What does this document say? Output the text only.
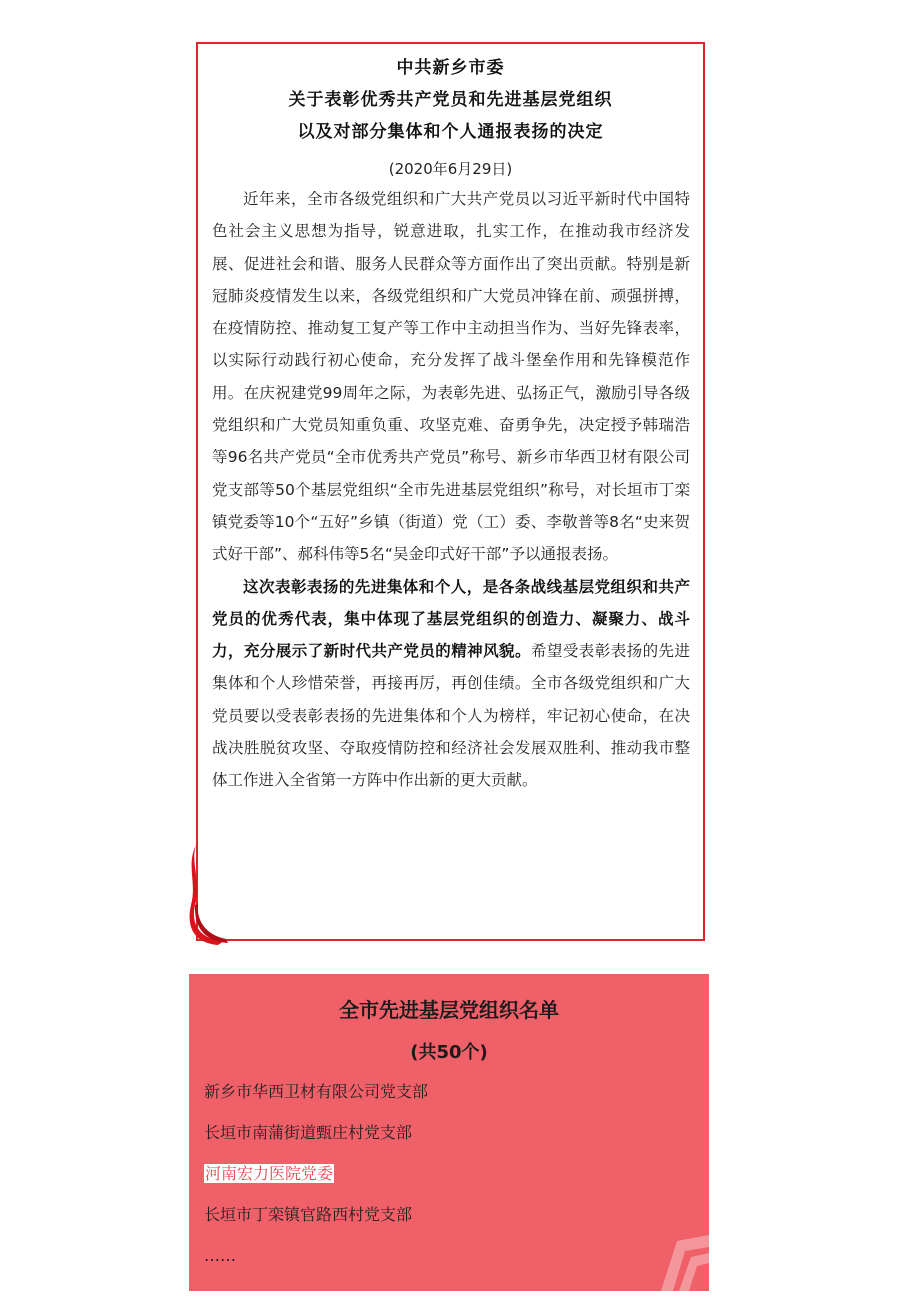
中共新乡市委
关于表彰优秀共产党员和先进基层党组织
以及对部分集体和个人通报表扬的决定
(2020年6月29日)

近年来，全市各级党组织和广大共产党员以习近平新时代中国特色社会主义思想为指导，锐意进取，扎实工作，在推动我市经济发展、促进社会和谐、服务人民群众等方面作出了突出贡献。特别是新冠肺炎疫情发生以来，各级党组织和广大党员冲锋在前、顽强拼搏，在疫情防控、推动复工复产等工作中主动担当作为、当好先锋表率，以实际行动践行初心使命，充分发挥了战斗堡垒作用和先锋模范作用。在庆祝建党99周年之际，为表彰先进、弘扬正气，激励引导各级党组织和广大党员知重负重、攻坚克难、奋勇争先，决定授予韩瑞浩等96名共产党员“全市优秀共产党员”称号、新乡市华西卫材有限公司党支部等50个基层党组织“全市先进基层党组织”称号，对长垣市丁栾镇党委等10个“五好”乡镇（街道）党（工）委、李敬普等8名“史来贺式好干部”、郝科伟等5名“吴金印式好干部”予以通报表扬。

这次表彰表扬的先进集体和个人，是各条战线基层党组织和共产党员的优秀代表，集中体现了基层党组织的创造力、凝聚力、战斗力，充分展示了新时代共产党员的精神风貌。希望受表彰表扬的先进集体和个人珍惜荣誉，再接再厉，再创佳绩。全市各级党组织和广大党员要以受表彰表扬的先进集体和个人为榜样，牢记初心使命，在决战决胜脱贫攻坚、夺取疫情防控和经济社会发展双胜利、推动我市整体工作进入全省第一方阵中作出新的更大贡献。

全市先进基层党组织名单
(共50个)
新乡市华西卫材有限公司党支部
长垣市南蒲街道甄庄村党支部
河南宏力医院党委
长垣市丁栾镇官路西村党支部
……
